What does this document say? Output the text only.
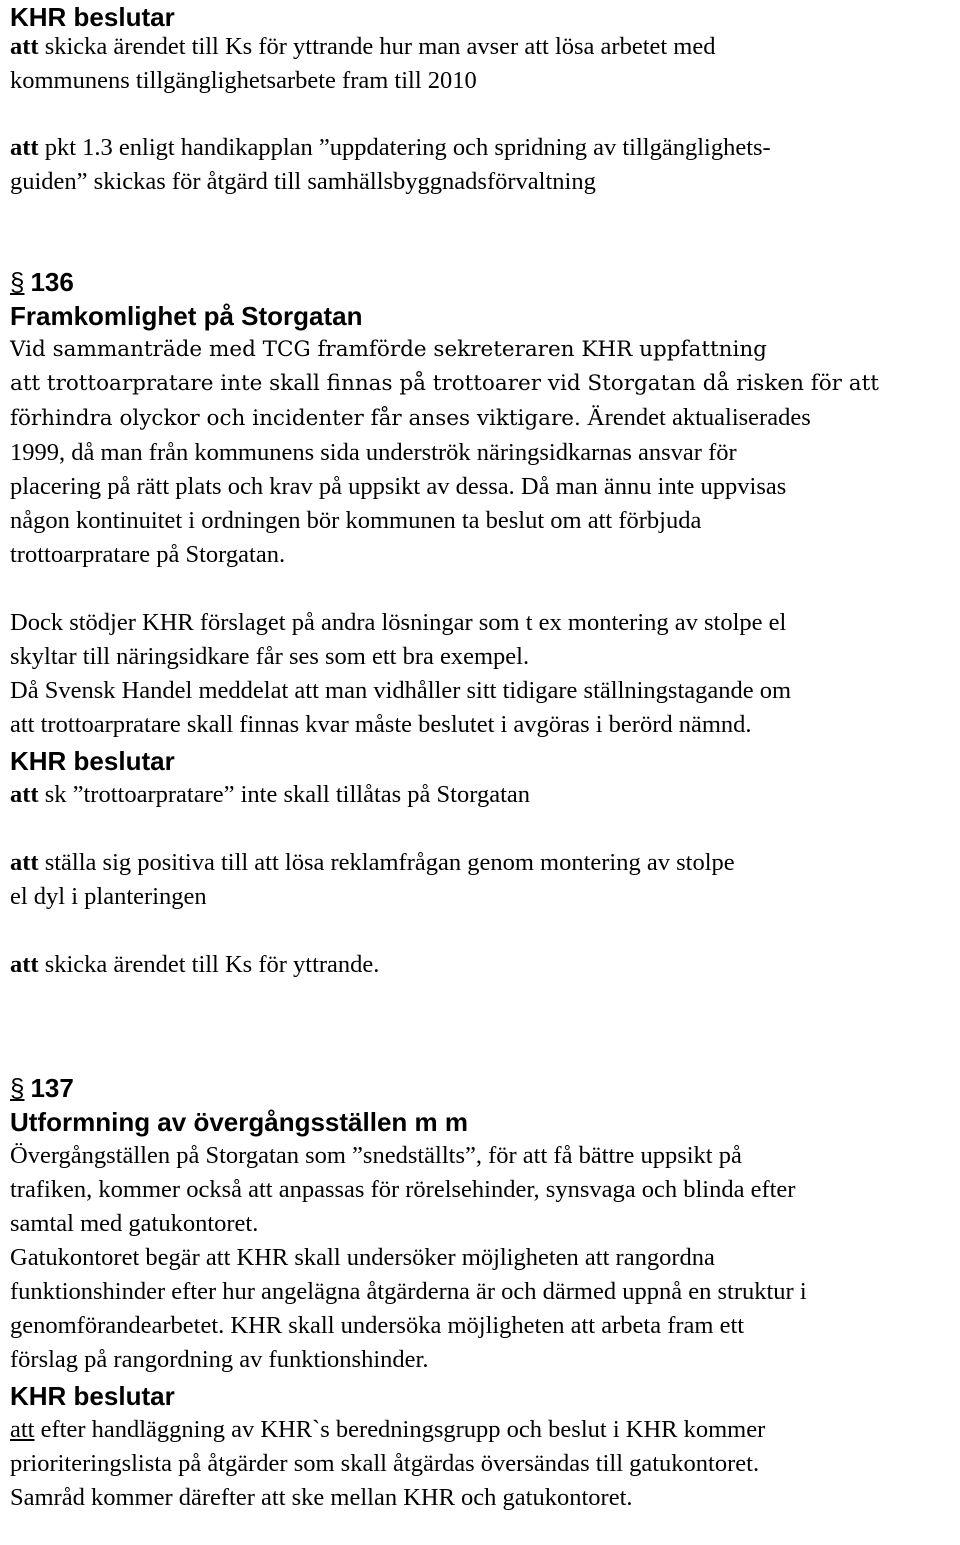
KHR beslutar
att skicka ärendet till Ks för yttrande hur man avser att lösa arbetet med
kommunens tillgänglighetsarbete fram till 2010
att pkt 1.3 enligt handikapplan ”uppdatering och spridning av tillgänglighets-
guiden” skickas för åtgärd till samhällsbyggnadsförvaltning
§ 136
Framkomlighet på Storgatan
Vid sammanträde med TCG framförde sekreteraren KHR uppfattning
att trottoarpratare inte skall finnas på trottoarer vid Storgatan då risken för att
förhindra olyckor och incidenter får anses viktigare. Ärendet aktualiserades
1999, då man från kommunens sida underströk näringsidkarnas ansvar för
placering på rätt plats och krav på uppsikt av dessa. Då man ännu inte uppvisas
någon kontinuitet i ordningen bör kommunen ta beslut om att förbjuda
trottoarpratare på Storgatan.
Dock stödjer KHR förslaget på andra lösningar som t ex montering av stolpe el
skyltar till näringsidkare får ses som ett bra exempel.
Då Svensk Handel meddelat att man vidhåller sitt tidigare ställningstagande om
att trottoarpratare skall finnas kvar måste beslutet i avgöras i berörd nämnd.
KHR beslutar
att sk ”trottoarpratare” inte skall tillåtas på Storgatan
att ställa sig positiva till att lösa reklamfrågan genom montering av stolpe
el dyl i planteringen
att skicka ärendet till Ks för yttrande.
§ 137
Utformning av övergångsställen m m
Övergångställen på Storgatan som ”snedställts”, för att få bättre uppsikt på
trafiken, kommer också att anpassas för rörelsehinder, synsvaga och blinda efter
samtal med gatukontoret.
Gatukontoret begär att KHR skall undersöker möjligheten att rangordna
funktionshinder efter hur angelägna åtgärderna är och därmed uppnå en struktur i
genomförandearbetet. KHR skall undersöka möjligheten att arbeta fram ett
förslag på rangordning av funktionshinder.
KHR beslutar
att efter handläggning av KHR`s beredningsgrupp och beslut i KHR kommer
prioriteringslista på åtgärder som skall åtgärdas översändas till gatukontoret.
Samråd kommer därefter att ske mellan KHR och gatukontoret.
